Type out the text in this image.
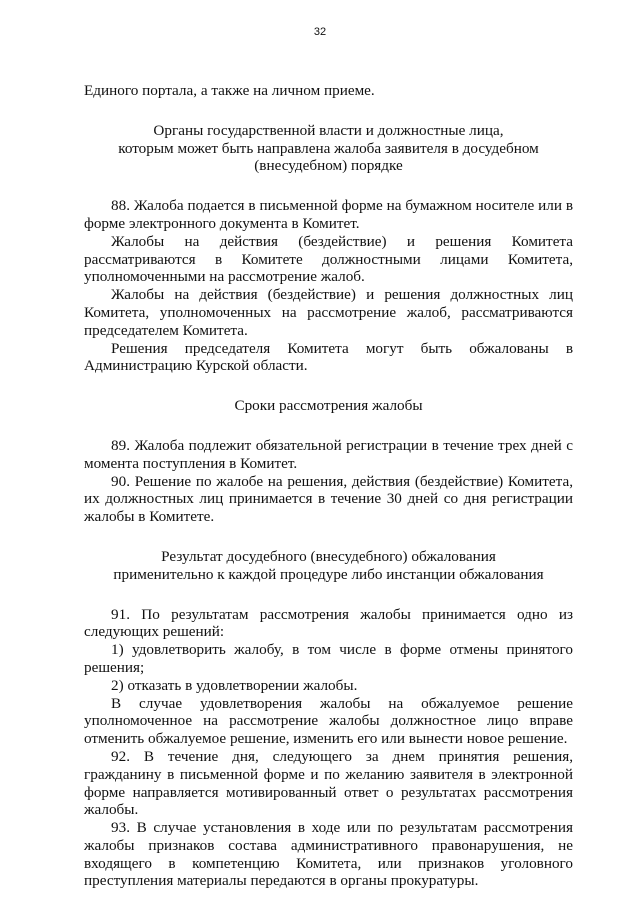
32

Единого портала, а также на личном приеме.

Органы государственной власти и должностные лица,

которым может быть направлена жалоба заявителя в досудебном

(внесудебном) порядке

88. Жалоба подается в письменной форме на бумажном носителе или в форме электронного документа в Комитет.

Жалобы на действия (бездействие) и решения Комитета рассматриваются в Комитете должностными лицами Комитета, уполномоченными на рассмотрение жалоб.

Жалобы на действия (бездействие) и решения должностных лиц Комитета, уполномоченных на рассмотрение жалоб, рассматриваются председателем Комитета.

Решения председателя Комитета могут быть обжалованы в Администрацию Курской области.

Сроки рассмотрения жалобы

89. Жалоба подлежит обязательной регистрации в течение трех дней с момента поступления в Комитет.

90. Решение по жалобе на решения, действия (бездействие) Комитета, их должностных лиц принимается в течение 30 дней со дня регистрации жалобы в Комитете.

Результат досудебного (внесудебного) обжалования

применительно к каждой процедуре либо инстанции обжалования

91. По результатам рассмотрения жалобы принимается одно из следующих решений:

1) удовлетворить жалобу, в том числе в форме отмены принятого решения;

2) отказать в удовлетворении жалобы.

В случае удовлетворения жалобы на обжалуемое решение уполномоченное на рассмотрение жалобы должностное лицо вправе отменить обжалуемое решение, изменить его или вынести новое решение.

92. В течение дня, следующего за днем принятия решения, гражданину в письменной форме и по желанию заявителя в электронной форме направляется мотивированный ответ о результатах рассмотрения жалобы.

93. В случае установления в ходе или по результатам рассмотрения жалобы признаков состава административного правонарушения, не входящего в компетенцию Комитета, или признаков уголовного преступления материалы передаются в органы прокуратуры.
